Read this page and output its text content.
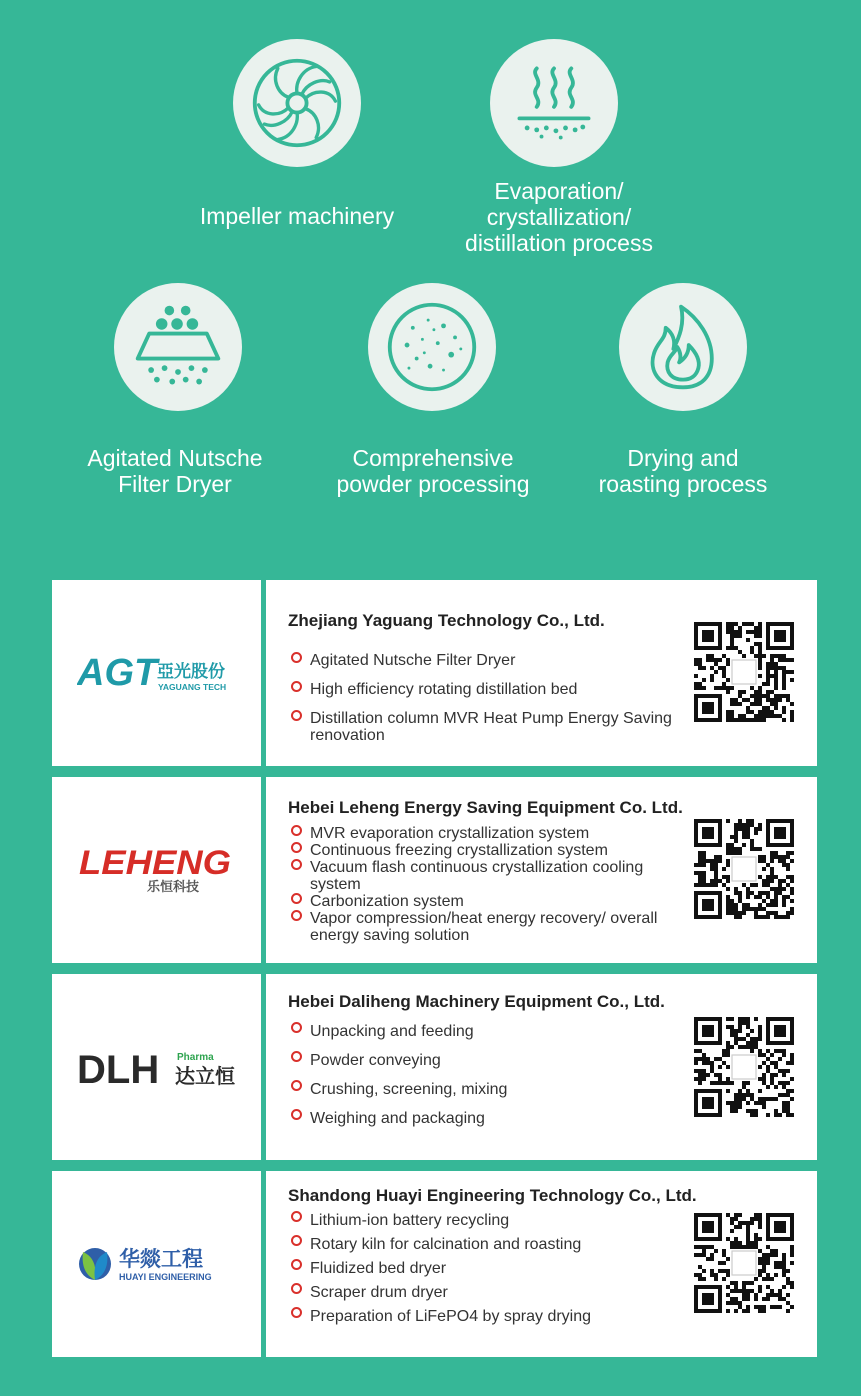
Impeller machinery
Evaporation/
crystallization/
distillation process
Agitated Nutsche
Filter Dryer
Comprehensive
powder processing
Drying and
roasting process
AGT 亞光股份
YAGUANG TECH
Zhejiang Yaguang Technology Co., Ltd.
Agitated Nutsche Filter Dryer
High efficiency rotating distillation bed
Distillation column MVR Heat Pump Energy Saving renovation
LEHENG
乐恒科技
Hebei Leheng Energy Saving Equipment Co. Ltd.
MVR evaporation crystallization system
Continuous freezing crystallization system
Vacuum flash continuous crystallization cooling system
Carbonization system
Vapor compression/heat energy recovery/ overall energy saving solution
DLH Pharma
达立恒
Hebei Daliheng Machinery Equipment Co., Ltd.
Unpacking and feeding
Powder conveying
Crushing, screening, mixing
Weighing and packaging
华燚工程
HUAYI ENGINEERING
Shandong Huayi Engineering Technology Co., Ltd.
Lithium-ion battery recycling
Rotary kiln for calcination and roasting
Fluidized bed dryer
Scraper drum dryer
Preparation of LiFePO4 by spray drying
